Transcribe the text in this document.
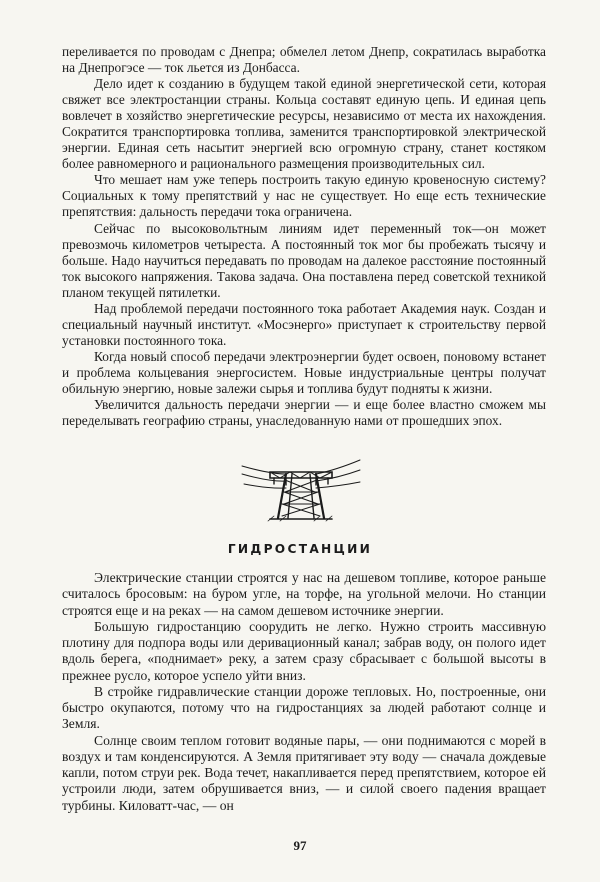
переливается по проводам с Днепра; обмелел летом Днепр, сократилась выработка на Днепрогэсе — ток льется из Донбасса.

Дело идет к созданию в будущем такой единой энергетической сети, которая свяжет все электростанции страны. Кольца составят единую цепь. И единая цепь вовлечет в хозяйство энергетические ресурсы, независимо от места их нахождения. Сократится транспортировка топлива, заменится транспортировкой электрической энергии. Единая сеть насытит энергией всю огромную страну, станет костяком более равномерного и рационального размещения производительных сил.

Что мешает нам уже теперь построить такую единую кровеносную систему? Социальных к тому препятствий у нас не существует. Но еще есть технические препятствия: дальность передачи тока ограничена.

Сейчас по высоковольтным линиям идет переменный ток—он может превозмочь километров четыреста. А постоянный ток мог бы пробежать тысячу и больше. Надо научиться передавать по проводам на далекое расстояние постоянный ток высокого напряжения. Такова задача. Она поставлена перед советской техникой планом текущей пятилетки.

Над проблемой передачи постоянного тока работает Академия наук. Создан и специальный научный институт. «Мосэнерго» приступает к строительству первой установки постоянного тока.

Когда новый способ передачи электроэнергии будет освоен, поновому встанет и проблема кольцевания энергосистем. Новые индустриальные центры получат обильную энергию, новые залежи сырья и топлива будут подняты к жизни.

Увеличится дальность передачи энергии — и еще более властно сможем мы переделывать географию страны, унаследованную нами от прошедших эпох.

ГИДРОСТАНЦИИ

Электрические станции строятся у нас на дешевом топливе, которое раньше считалось бросовым: на буром угле, на торфе, на угольной мелочи. Но станции строятся еще и на реках — на самом дешевом источнике энергии.

Большую гидростанцию соорудить не легко. Нужно строить массивную плотину для подпора воды или деривационный канал; забрав воду, он полого идет вдоль берега, «поднимает» реку, а затем сразу сбрасывает с большой высоты в прежнее русло, которое успело уйти вниз.

В стройке гидравлические станции дороже тепловых. Но, построенные, они быстро окупаются, потому что на гидростанциях за людей работают солнце и Земля.

Солнце своим теплом готовит водяные пары, — они поднимаются с морей в воздух и там конденсируются. А Земля притягивает эту воду — сначала дождевые капли, потом струи рек. Вода течет, накапливается перед препятствием, которое ей устроили люди, затем обрушивается вниз, — и силой своего падения вращает турбины. Киловатт-час, — он

97
